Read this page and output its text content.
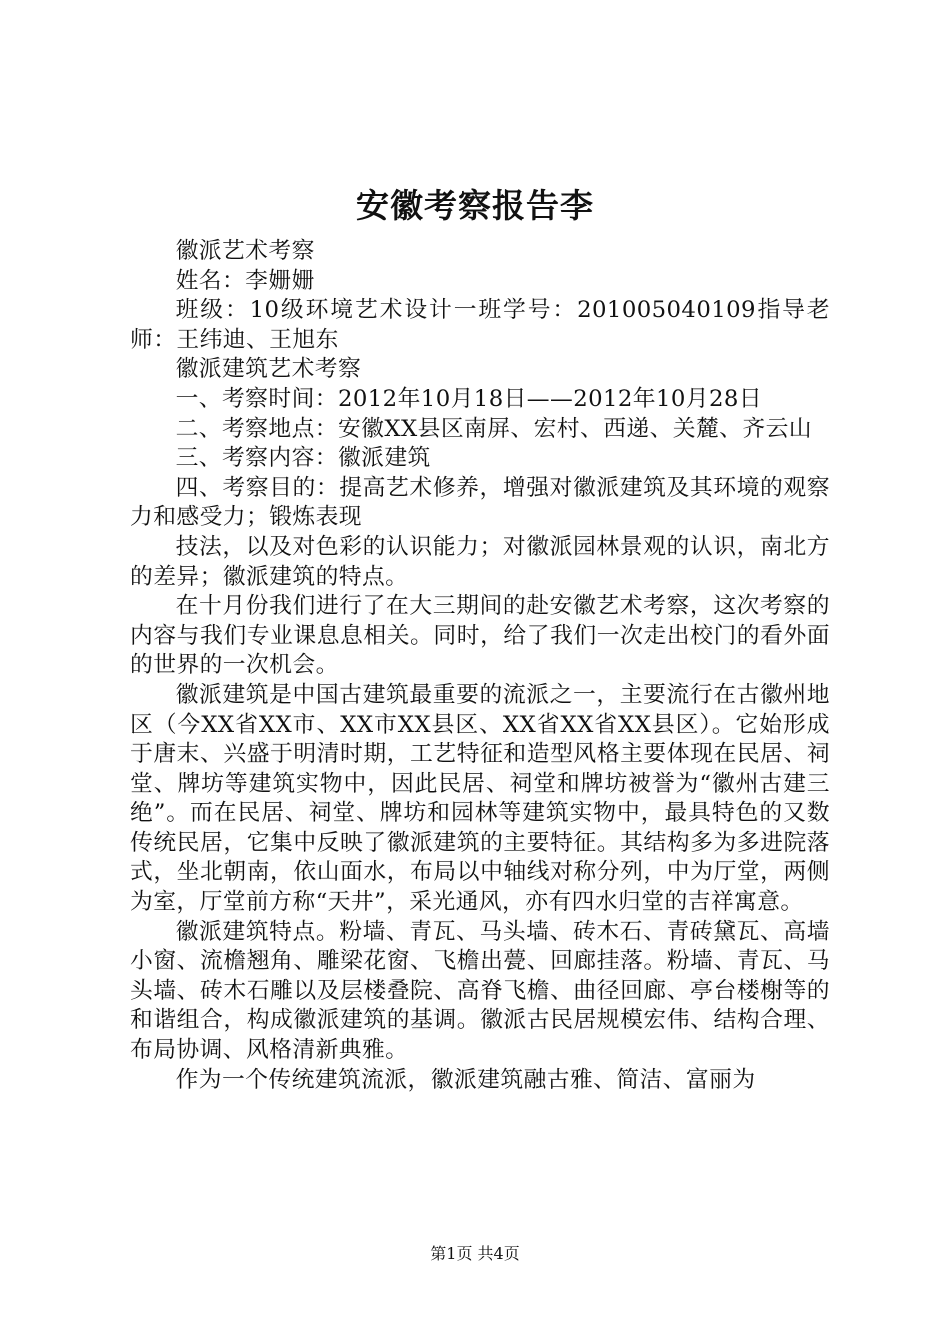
安徽考察报告李

徽派艺术考察

姓名：李姗姗

班级：10级环境艺术设计一班学号：201005040109指导老师：王纬迪、王旭东

徽派建筑艺术考察

一、考察时间：2012年10月18日——2012年10月28日

二、考察地点：安徽XX县区南屏、宏村、西递、关麓、齐云山

三、考察内容：徽派建筑

四、考察目的：提高艺术修养，增强对徽派建筑及其环境的观察力和感受力；锻炼表现

技法，以及对色彩的认识能力；对徽派园林景观的认识，南北方的差异；徽派建筑的特点。

在十月份我们进行了在大三期间的赴安徽艺术考察，这次考察的内容与我们专业课息息相关。同时，给了我们一次走出校门的看外面的世界的一次机会。

徽派建筑是中国古建筑最重要的流派之一，主要流行在古徽州地区（今XX省XX市、XX市XX县区、XX省XX省XX县区）。它始形成于唐末、兴盛于明清时期，工艺特征和造型风格主要体现在民居、祠堂、牌坊等建筑实物中，因此民居、祠堂和牌坊被誉为“徽州古建三绝”。而在民居、祠堂、牌坊和园林等建筑实物中，最具特色的又数传统民居，它集中反映了徽派建筑的主要特征。其结构多为多进院落式，坐北朝南，依山面水，布局以中轴线对称分列，中为厅堂，两侧为室，厅堂前方称“天井”，采光通风，亦有四水归堂的吉祥寓意。

徽派建筑特点。粉墙、青瓦、马头墙、砖木石、青砖黛瓦、高墙小窗、流檐翘角、雕梁花窗、飞檐出甍、回廊挂落。粉墙、青瓦、马头墙、砖木石雕以及层楼叠院、高脊飞檐、曲径回廊、亭台楼榭等的和谐组合，构成徽派建筑的基调。徽派古民居规模宏伟、结构合理、布局协调、风格清新典雅。

作为一个传统建筑流派，徽派建筑融古雅、简洁、富丽为

第1页 共4页
